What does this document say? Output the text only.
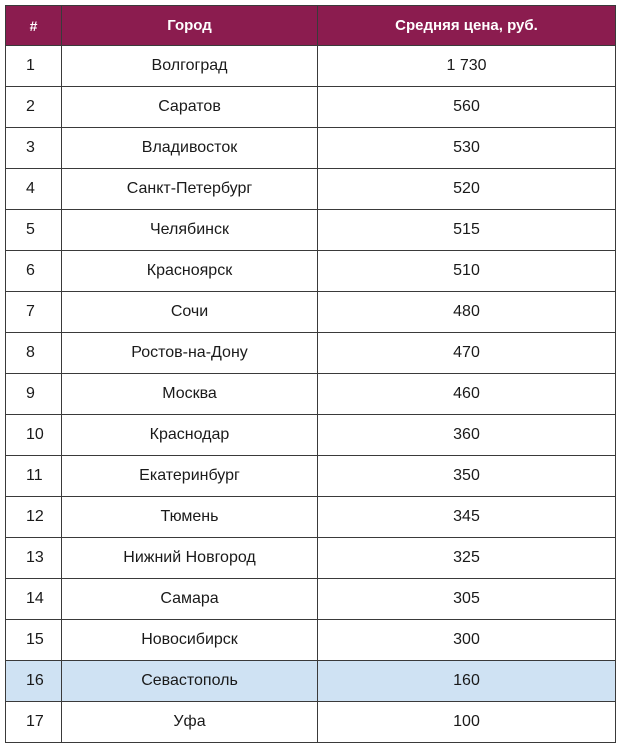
#	Город	Средняя цена, руб.
1	Волгоград	1 730
2	Саратов	560
3	Владивосток	530
4	Санкт-Петербург	520
5	Челябинск	515
6	Красноярск	510
7	Сочи	480
8	Ростов-на-Дону	470
9	Москва	460
10	Краснодар	360
11	Екатеринбург	350
12	Тюмень	345
13	Нижний Новгород	325
14	Самара	305
15	Новосибирск	300
16	Севастополь	160
17	Уфа	100
